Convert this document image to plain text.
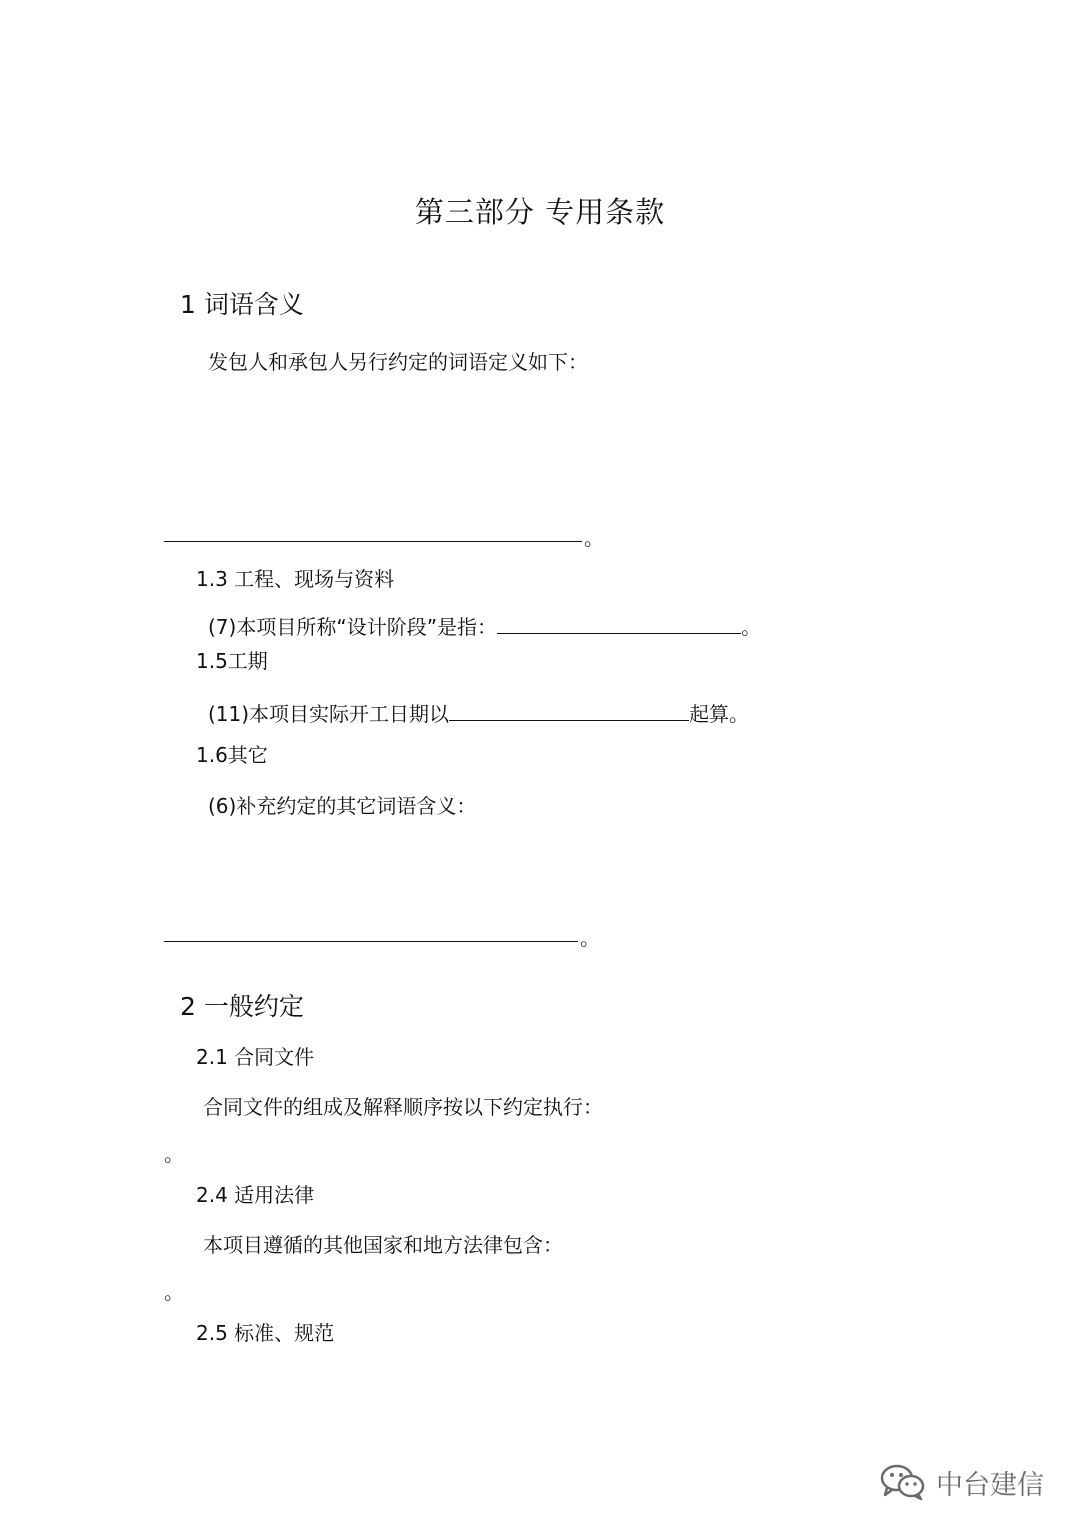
第三部分 专用条款
1 词语含义
发包人和承包人另行约定的词语定义如下：
。
1.3 工程、现场与资料
(7)本项目所称“设计阶段”是指：	。
1.5工期
(11)本项目实际开工日期以	起算。
1.6其它
(6)补充约定的其它词语含义：
。
2 一般约定
2.1 合同文件
合同文件的组成及解释顺序按以下约定执行：
。
2.4 适用法律
本项目遵循的其他国家和地方法律包含：
。
2.5 标准、规范
中台建信
